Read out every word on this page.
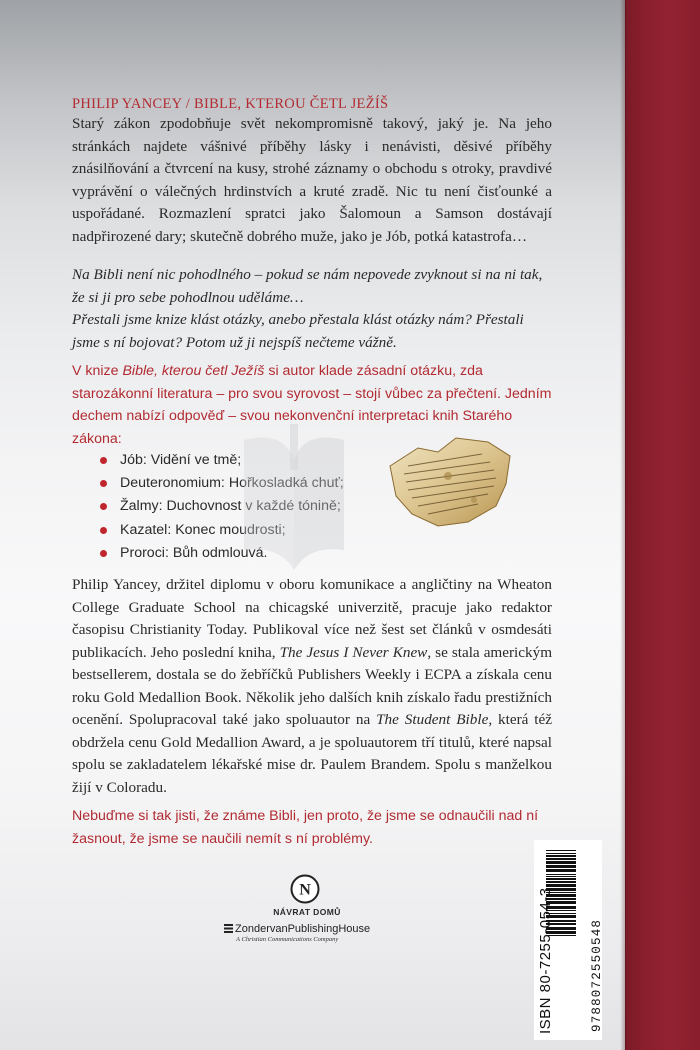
PHILIP YANCEY / BIBLE, KTEROU ČETL JEŽÍŠ
Starý zákon zpodobňuje svět nekompromisně takový, jaký je. Na jeho stránkách najdete vášnivé příběhy lásky i nenávisti, děsivé příběhy znásilňování a čtvrcení na kusy, strohé záznamy o obchodu s otroky, pravdivé vyprávění o válečných hrdinstvích a kruté zradě. Nic tu není čisťounké a uspořádané. Rozmazlení spratci jako Šalomoun a Samson dostávají nadpřirozené dary; skutečně dobrého muže, jako je Jób, potká katastrofa…
Na Bibli není nic pohodlného – pokud se nám nepovede zvyknout si na ni tak, že si ji pro sebe pohodlnou uděláme…
Přestali jsme knize klást otázky, anebo přestala klást otázky nám? Přestali jsme s ní bojovat? Potom už ji nejspíš nečteme vážně.
V knize Bible, kterou četl Ježíš si autor klade zásadní otázku, zda starozákonní literatura – pro svou syrovost – stojí vůbec za přečtení. Jedním dechem nabízí odpověď – svou nekonvenční interpretaci knih Starého zákona:
Jób: Vidění ve tmě;
Deuteronomium: Hořkosladká chuť;
Žalmy: Duchovnost v každé tónině;
Kazatel: Konec moudrosti;
Proroci: Bůh odmlouvá.
Philip Yancey, držitel diplomu v oboru komunikace a angličtiny na Wheaton College Graduate School na chicagské univerzitě, pracuje jako redaktor časopisu Christianity Today. Publikoval více než šest set článků v osmdesáti publikacích. Jeho poslední kniha, The Jesus I Never Knew, se stala americkým bestsellerem, dostala se do žebříčků Publishers Weekly i ECPA a získala cenu roku Gold Medallion Book. Několik jeho dalších knih získalo řadu prestižních ocenění. Spolupracoval také jako spoluautor na The Student Bible, která též obdržela cenu Gold Medallion Award, a je spoluautorem tří titulů, které napsal spolu se zakladatelem lékařské mise dr. Paulem Brandem. Spolu s manželkou žijí v Coloradu.
Nebuďme si tak jisti, že známe Bibli, jen proto, že jsme se odnaučili nad ní žasnout, že jsme se naučili nemít s ní problémy.
N
NÁVRAT DOMŮ
ZondervanPublishingHouse
A Christian Communications Company	ISBN 80-7255-054-3	9788072550548
